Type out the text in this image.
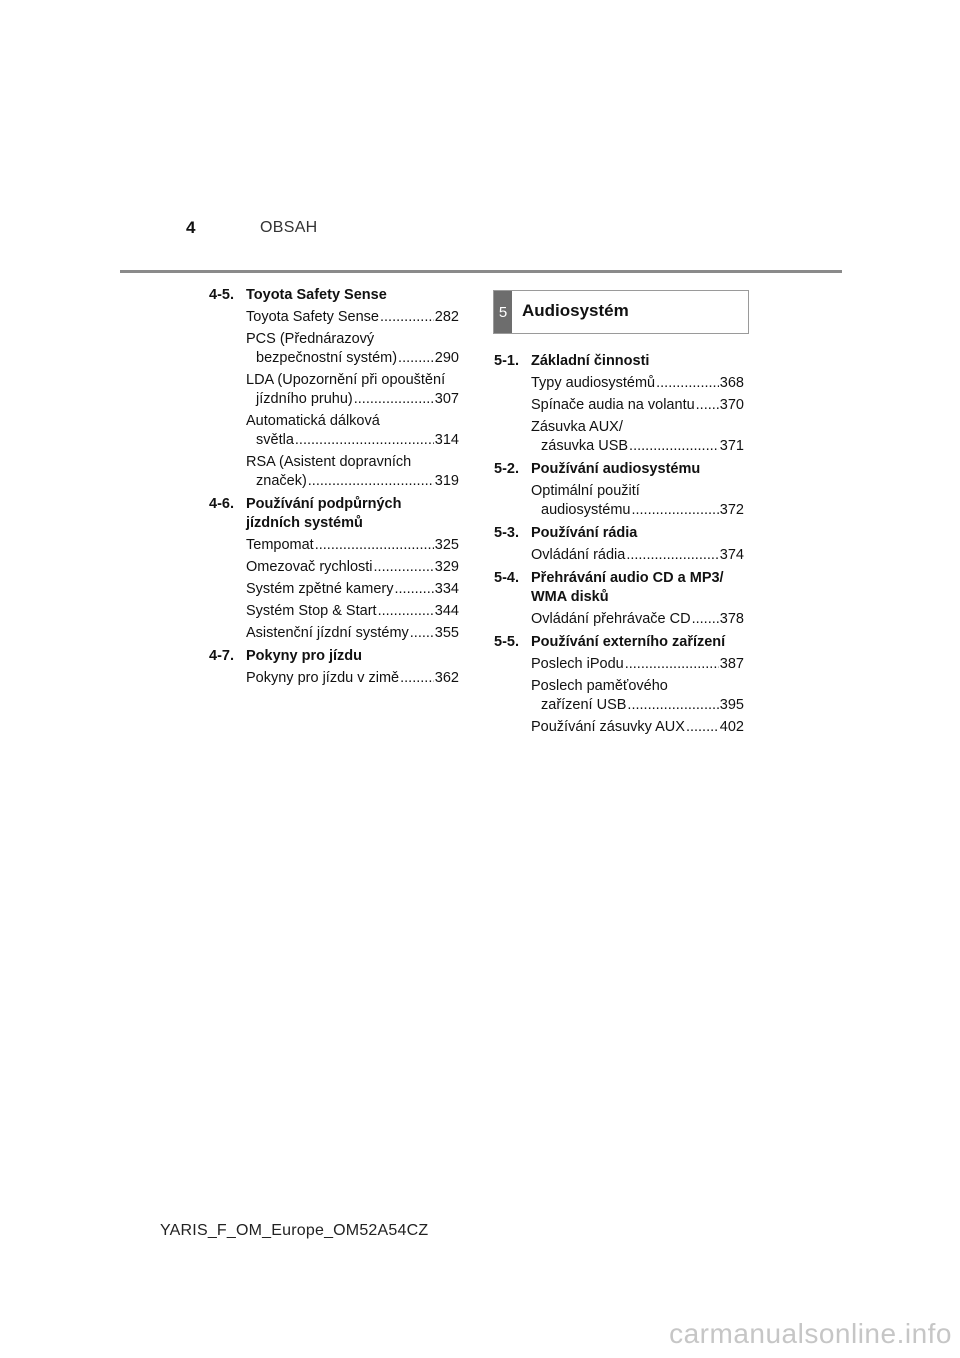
4	OBSAH
4-5. Toyota Safety Sense
Toyota Safety Sense .....	282
PCS (Přednárazový
bezpečnostní systém) .....	290
LDA (Upozornění při opouštění
jízdního pruhu) .....	307
Automatická dálková
světla .....	314
RSA (Asistent dopravních
značek) .....	319
4-6. Používání podpůrných jízdních systémů
Tempomat .....	325
Omezovač rychlosti .....	329
Systém zpětné kamery .....	334
Systém Stop & Start .....	344
Asistenční jízdní systémy ..... 355
4-7. Pokyny pro jízdu
Pokyny pro jízdu v zimě ..... 362
5 Audiosystém
5-1. Základní činnosti
Typy audiosystémů .....	368
Spínače audia na volantu ..... 370
Zásuvka AUX/
zásuvka USB .....	371
5-2. Používání audiosystému
Optimální použití
audiosystému .....	372
5-3. Používání rádia
Ovládání rádia .....	374
5-4. Přehrávání audio CD a MP3/ WMA disků
Ovládání přehrávače CD ..... 378
5-5. Používání externího zařízení
Poslech iPodu .....	387
Poslech paměťového
zařízení USB .....	395
Používání zásuvky AUX ..... 402
YARIS_F_OM_Europe_OM52A54CZ
carmanualsonline.info
